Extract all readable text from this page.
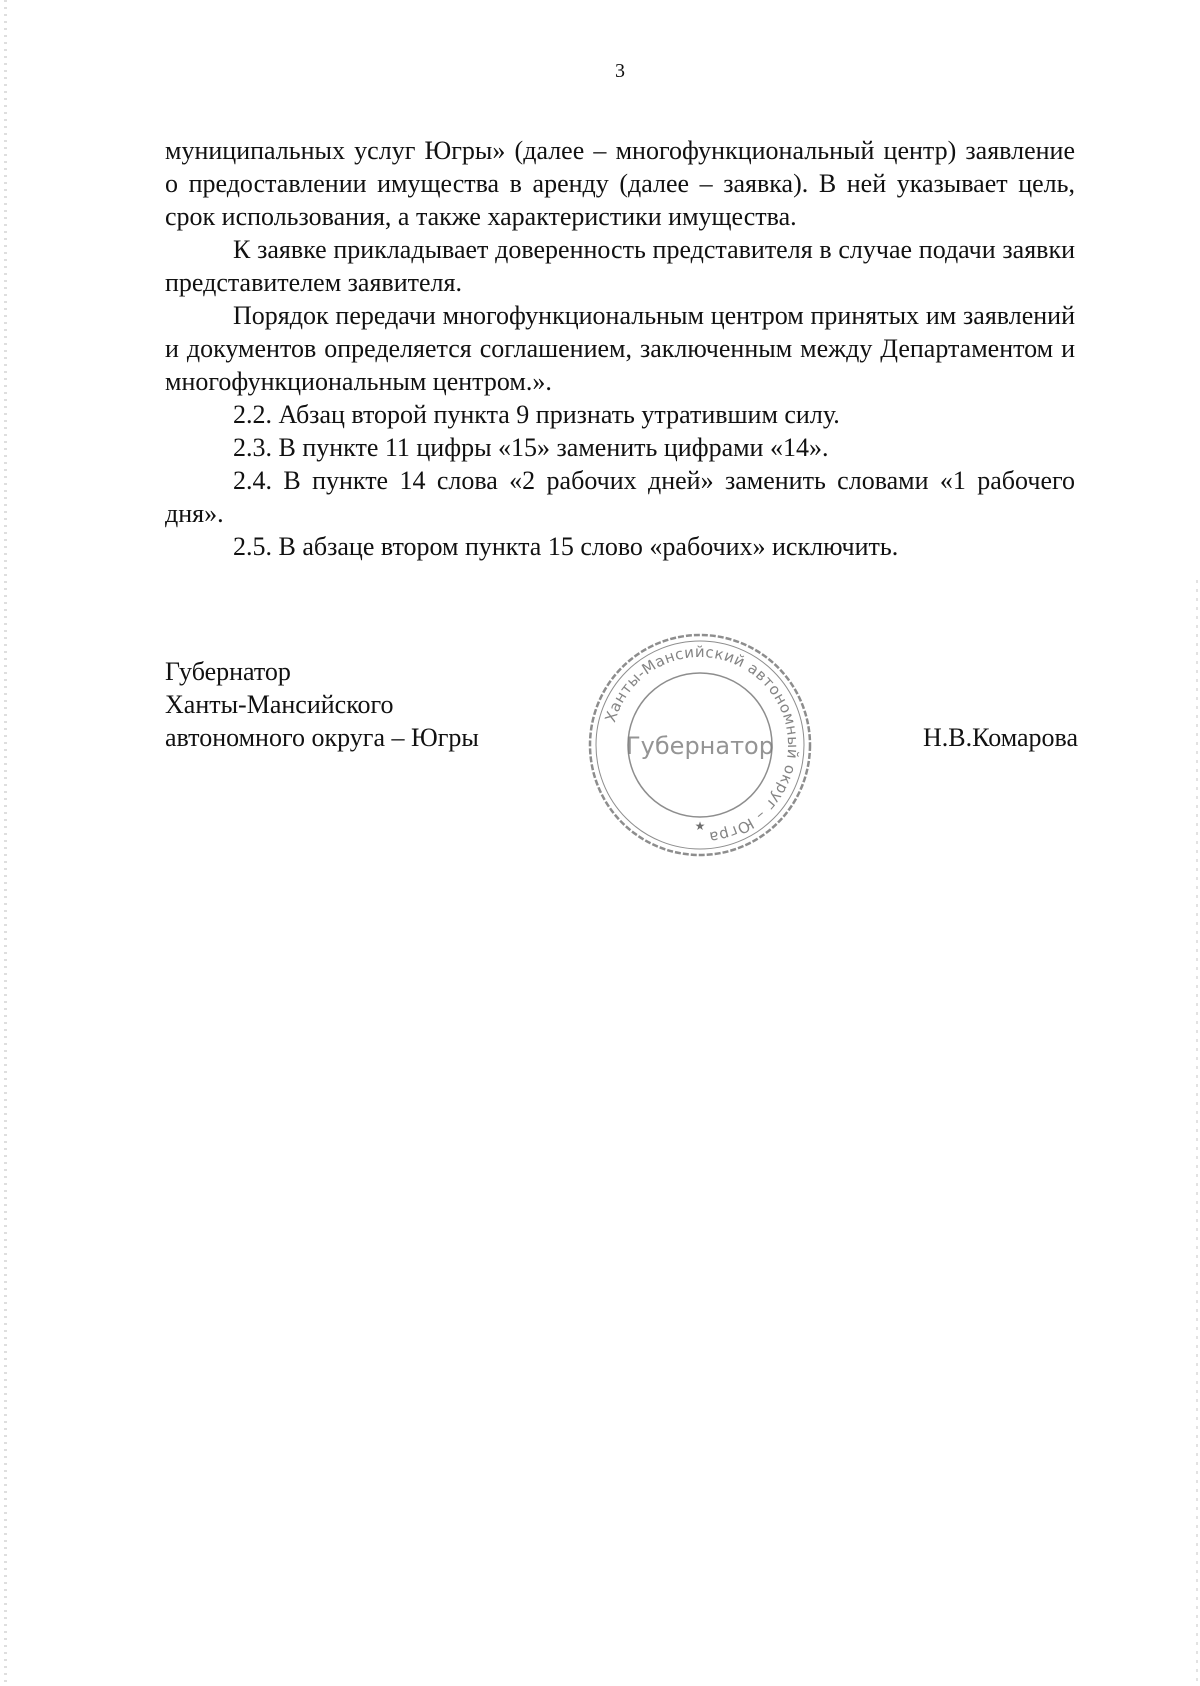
3

муниципальных услуг Югры» (далее – многофункциональный центр) заявление о предоставлении имущества в аренду (далее – заявка). В ней указывает цель, срок использования, а также характеристики имущества.

К заявке прикладывает доверенность представителя в случае подачи заявки представителем заявителя.

Порядок передачи многофункциональным центром принятых им заявлений и документов определяется соглашением, заключенным между Департаментом и многофункциональным центром.».

2.2. Абзац второй пункта 9 признать утратившим силу.

2.3. В пункте 11 цифры «15» заменить цифрами «14».

2.4. В пункте 14 слова «2 рабочих дней» заменить словами «1 рабочего дня».

2.5. В абзаце втором пункта 15 слово «рабочих» исключить.

Губернатор
Ханты-Мансийского
автономного округа – Югры
Ханты-Мансийский автономный округ – Югра
Губернатор
★
Н.В.Комарова
